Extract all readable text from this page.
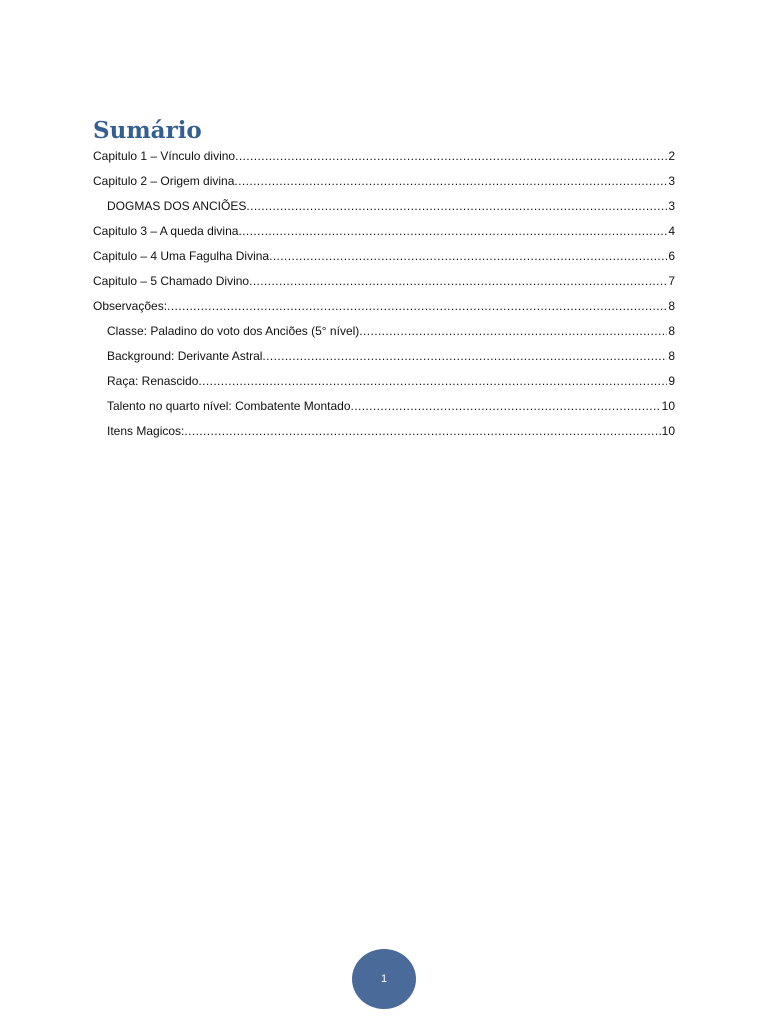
Sumário
Capitulo 1 – Vínculo divino .....	2
Capitulo 2 – Origem divina .....	3
DOGMAS DOS ANCIÕES .....	3
Capitulo 3 – A queda divina .....	4
Capitulo – 4 Uma Fagulha Divina .....	6
Capitulo – 5 Chamado Divino .....	7
Observações: .....	8
Classe: Paladino do voto dos Anciões (5° nível) .....	8
Background: Derivante Astral .....	8
Raça: Renascido .....	9
Talento no quarto nível: Combatente Montado .....	10
Itens Magicos: .....	10
1
